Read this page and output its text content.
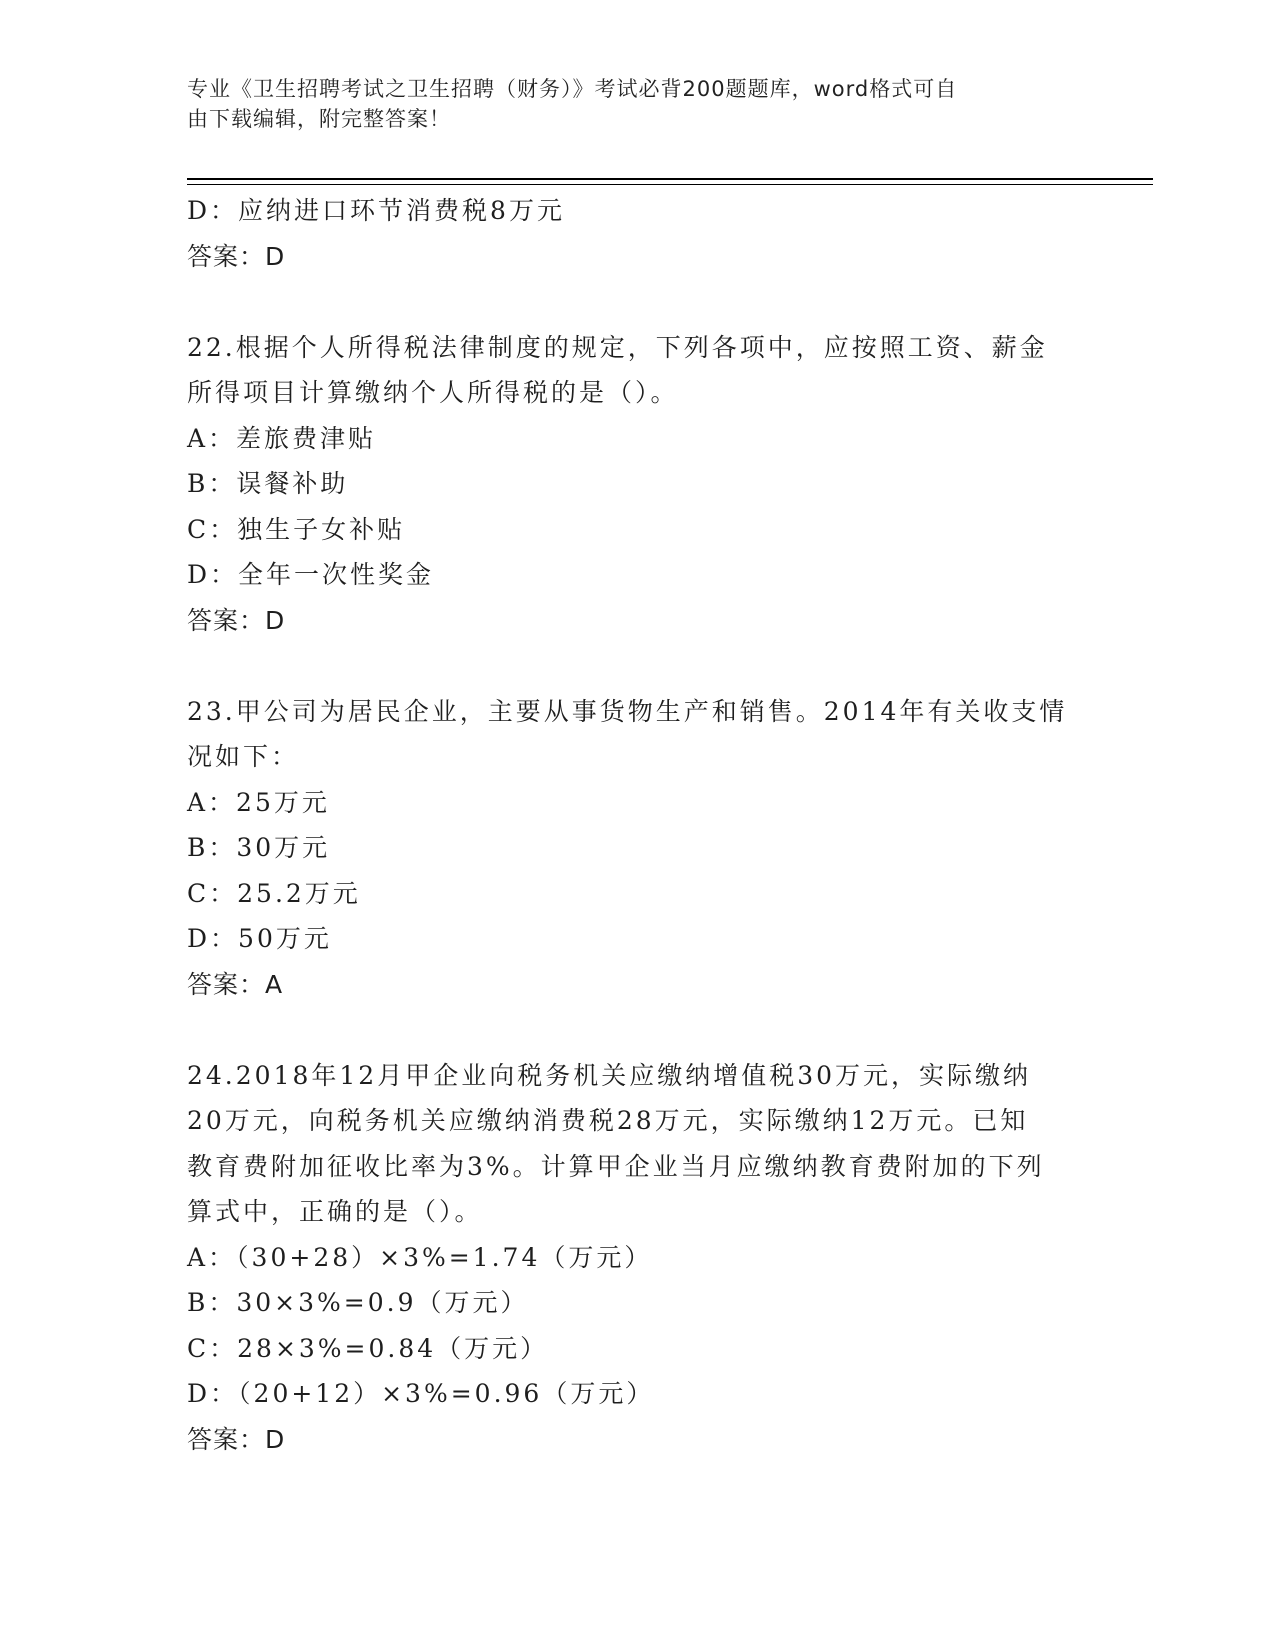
专业《卫生招聘考试之卫生招聘（财务）》考试必背200题题库，word格式可自
由下载编辑，附完整答案！
D：应纳进口环节消费税8万元
答案：D
22.根据个人所得税法律制度的规定，下列各项中，应按照工资、薪金
所得项目计算缴纳个人所得税的是（）。
A：差旅费津贴
B：误餐补助
C：独生子女补贴
D：全年一次性奖金
答案：D
23.甲公司为居民企业，主要从事货物生产和销售。2014年有关收支情
况如下：
A：25万元
B：30万元
C：25.2万元
D：50万元
答案：A
24.2018年12月甲企业向税务机关应缴纳增值税30万元，实际缴纳
20万元，向税务机关应缴纳消费税28万元，实际缴纳12万元。已知
教育费附加征收比率为3%。计算甲企业当月应缴纳教育费附加的下列
算式中，正确的是（）。
A：（30+28）×3%=1.74（万元）
B：30×3%=0.9（万元）
C：28×3%=0.84（万元）
D：（20+12）×3%=0.96（万元）
答案：D
